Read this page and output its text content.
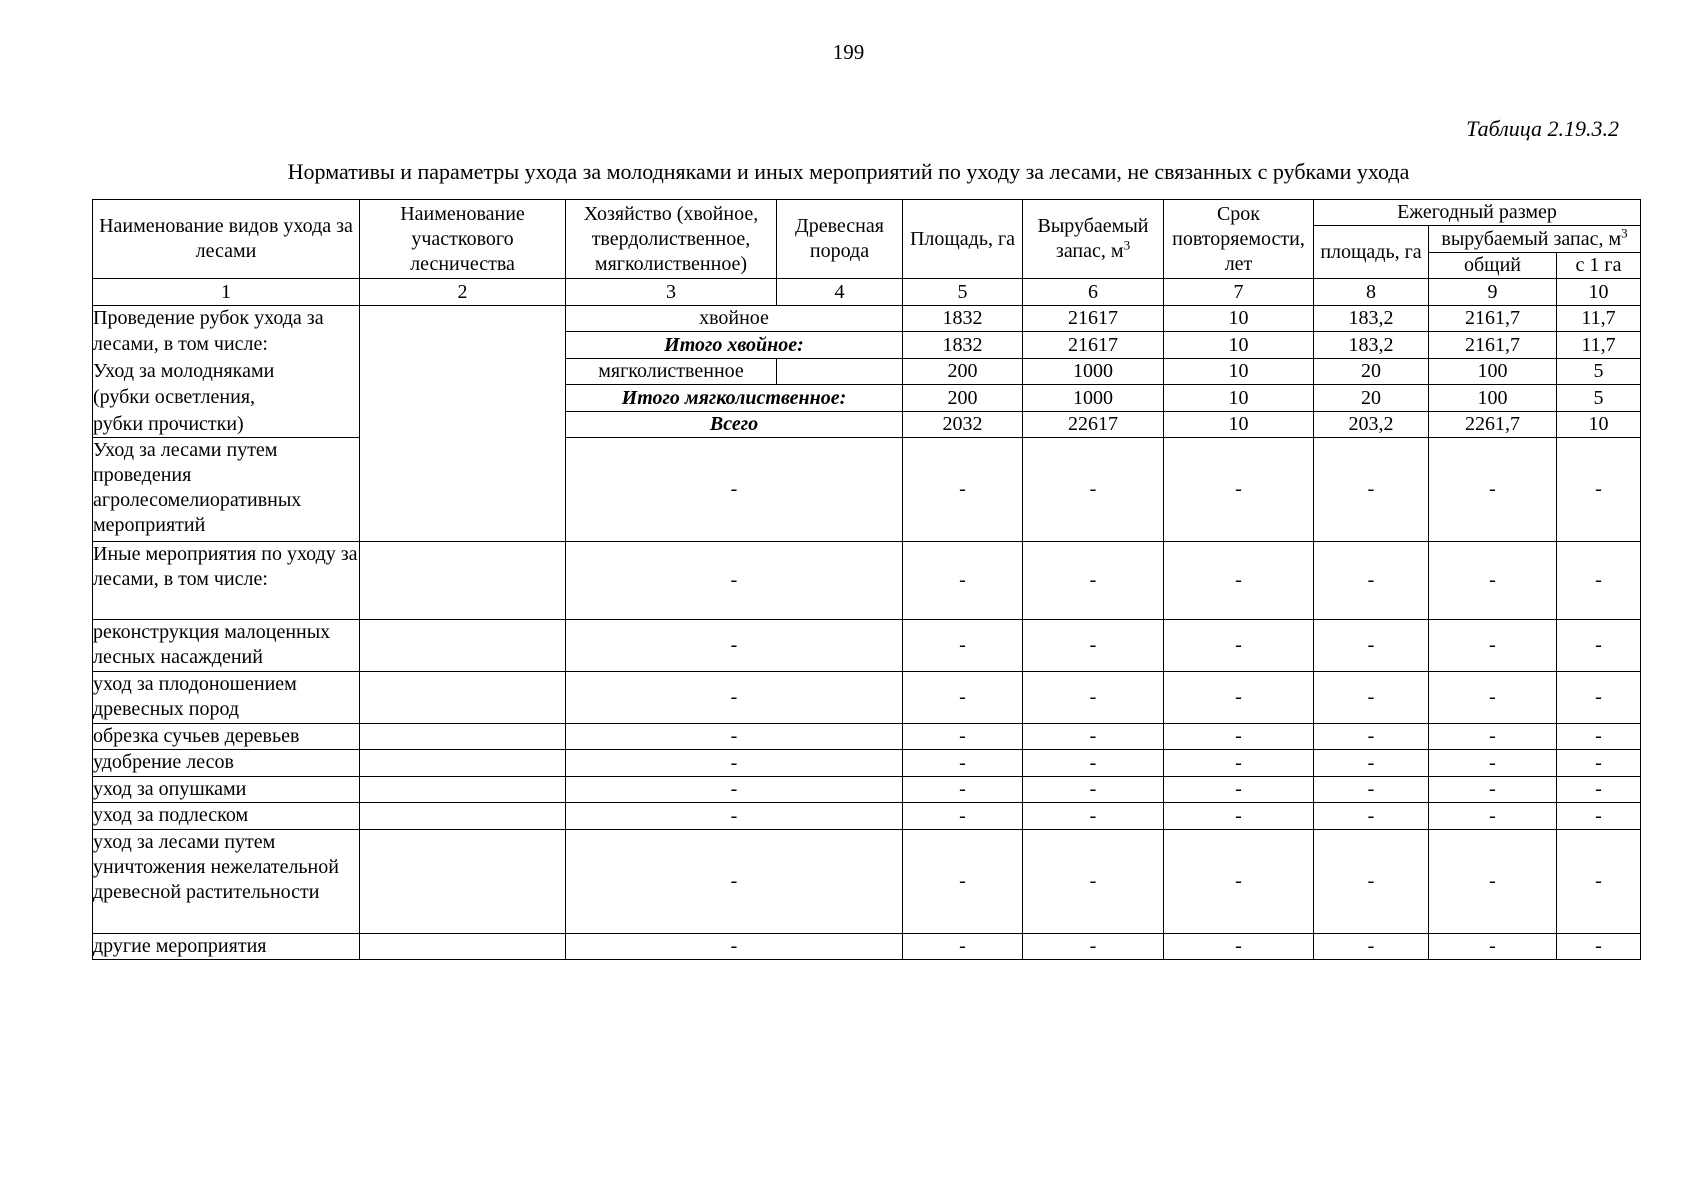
199
Таблица 2.19.3.2
Нормативы и параметры ухода за молодняками и иных мероприятий по уходу за лесами, не связанных с рубками ухода
Наименование видов ухода за лесами	Наименование участкового лесничества	Хозяйство (хвойное, твердолиственное, мягколиственное)	Древесная порода	Площадь, га	Вырубаемый запас, $м^3$	Срок повторяемости, лет	Ежегодный размер		
							площадь, га	вырубаемый запас, $м^3$
								общий	с 1 га
1	2	3	4	5	6	7	8	9	10
Проведение рубок ухода за		хвойное		1832	21617	10	183,2	2161,7	11,7
лесами, в том числе:		Итого хвойное:		1832	21617	10	183,2	2161,7	11,7
Уход за молодняками		мягколиственное		200	1000	10	20	100	5
(рубки осветления,		Итого мягколиственное:		200	1000	10	20	100	5
рубки прочистки)		Всего		2032	22617	10	203,2	2261,7	10
Уход за лесами путем проведения агролесомелиоративных мероприятий		-		-	-	-	-	-	-
Иные мероприятия по уходу за лесами, в том числе:		-		-	-	-	-	-	-
реконструкция малоценных лесных насаждений		-		-	-	-	-	-	-
уход за плодоношением древесных пород		-		-	-	-	-	-	-
обрезка сучьев деревьев		-		-	-	-	-	-	-
удобрение лесов		-		-	-	-	-	-	-
уход за опушками		-		-	-	-	-	-	-
уход за подлеском		-		-	-	-	-	-	-
уход за лесами путем уничтожения нежелательной древесной растительности		-		-	-	-	-	-	-
другие мероприятия		-		-	-	-	-	-	-
